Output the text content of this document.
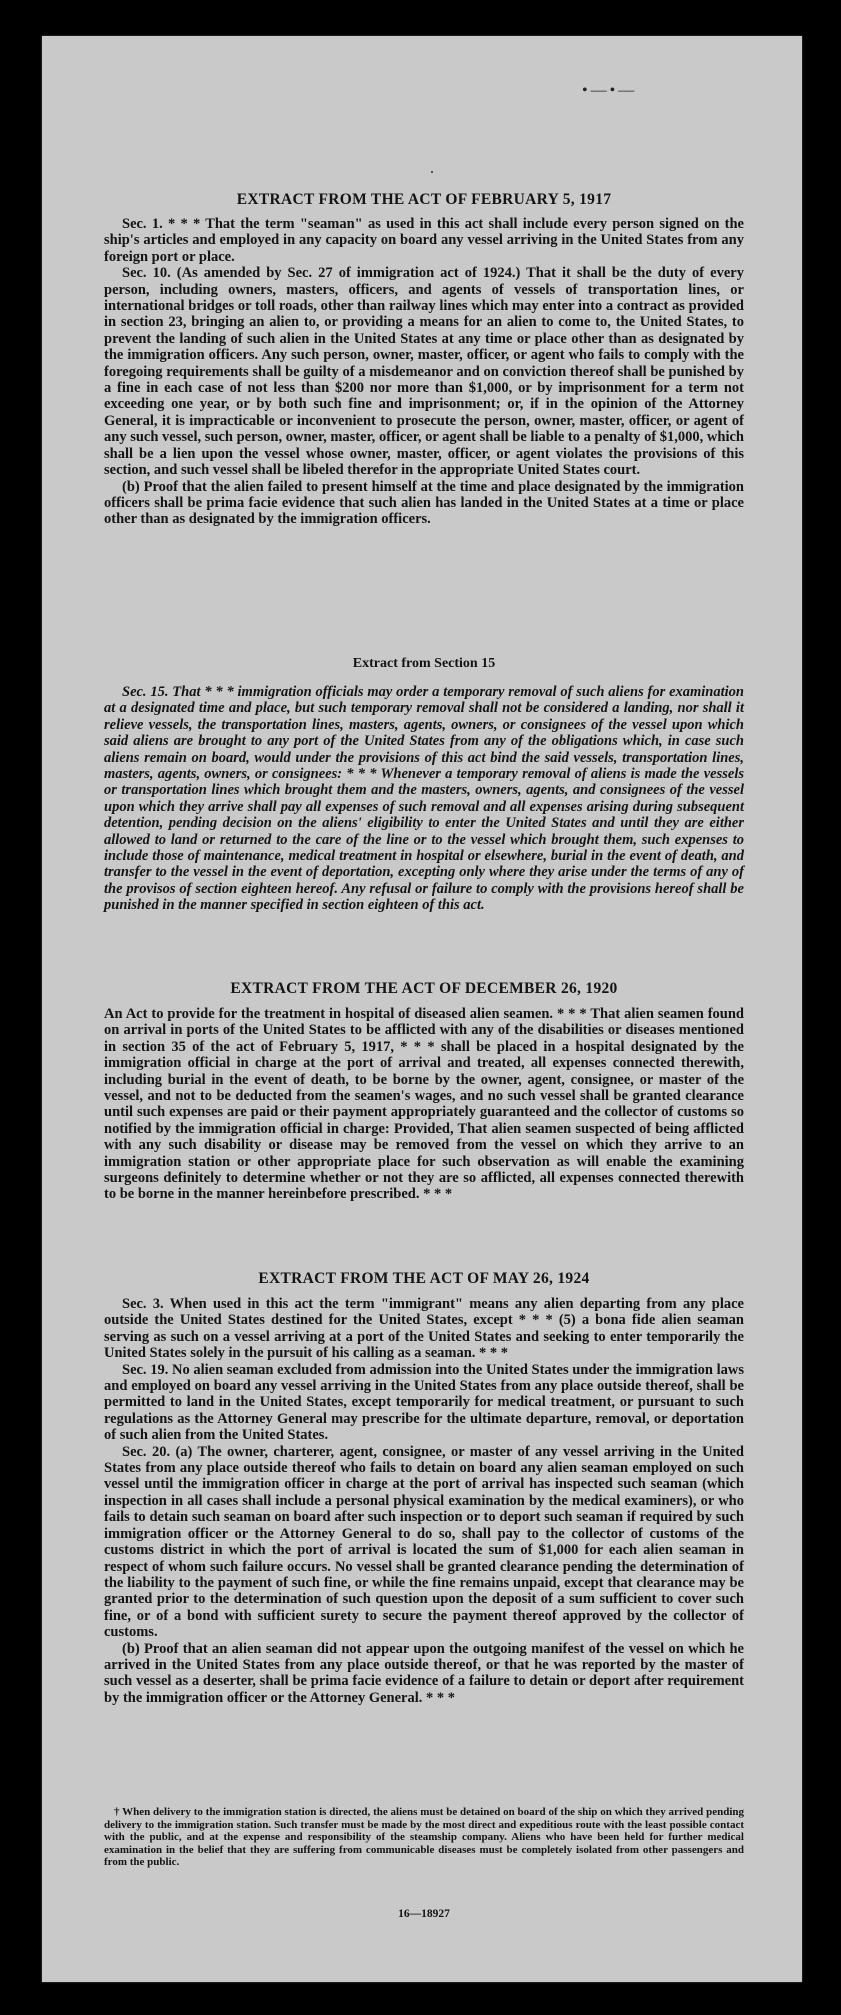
•—•—
.
EXTRACT FROM THE ACT OF FEBRUARY 5, 1917

Sec. 1. * * * That the term "seaman" as used in this act shall include every person signed on the ship's articles and employed in any capacity on board any vessel arriving in the United States from any foreign port or place.

Sec. 10. (As amended by Sec. 27 of immigration act of 1924.) That it shall be the duty of every person, including owners, masters, officers, and agents of vessels of transportation lines, or international bridges or toll roads, other than railway lines which may enter into a contract as provided in section 23, bringing an alien to, or providing a means for an alien to come to, the United States, to prevent the landing of such alien in the United States at any time or place other than as designated by the immigration officers. Any such person, owner, master, officer, or agent who fails to comply with the foregoing requirements shall be guilty of a misdemeanor and on conviction thereof shall be punished by a fine in each case of not less than $200 nor more than $1,000, or by imprisonment for a term not exceeding one year, or by both such fine and imprisonment; or, if in the opinion of the Attorney General, it is impracticable or inconvenient to prosecute the person, owner, master, officer, or agent of any such vessel, such person, owner, master, officer, or agent shall be liable to a penalty of $1,000, which shall be a lien upon the vessel whose owner, master, officer, or agent violates the provisions of this section, and such vessel shall be libeled therefor in the appropriate United States court.

(b) Proof that the alien failed to present himself at the time and place designated by the immigration officers shall be prima facie evidence that such alien has landed in the United States at a time or place other than as designated by the immigration officers.

Extract from Section 15

Sec. 15. That * * * immigration officials may order a temporary removal of such aliens for examination at a designated time and place, but such temporary removal shall not be considered a landing, nor shall it relieve vessels, the transportation lines, masters, agents, owners, or consignees of the vessel upon which said aliens are brought to any port of the United States from any of the obligations which, in case such aliens remain on board, would under the provisions of this act bind the said vessels, transportation lines, masters, agents, owners, or consignees: * * * Whenever a temporary removal of aliens is made the vessels or transportation lines which brought them and the masters, owners, agents, and consignees of the vessel upon which they arrive shall pay all expenses of such removal and all expenses arising during subsequent detention, pending decision on the aliens' eligibility to enter the United States and until they are either allowed to land or returned to the care of the line or to the vessel which brought them, such expenses to include those of maintenance, medical treatment in hospital or elsewhere, burial in the event of death, and transfer to the vessel in the event of deportation, excepting only where they arise under the terms of any of the provisos of section eighteen hereof. Any refusal or failure to comply with the provisions hereof shall be punished in the manner specified in section eighteen of this act.

EXTRACT FROM THE ACT OF DECEMBER 26, 1920

An Act to provide for the treatment in hospital of diseased alien seamen. * * * That alien seamen found on arrival in ports of the United States to be afflicted with any of the disabilities or diseases mentioned in section 35 of the act of February 5, 1917, * * * shall be placed in a hospital designated by the immigration official in charge at the port of arrival and treated, all expenses connected therewith, including burial in the event of death, to be borne by the owner, agent, consignee, or master of the vessel, and not to be deducted from the seamen's wages, and no such vessel shall be granted clearance until such expenses are paid or their payment appropriately guaranteed and the collector of customs so notified by the immigration official in charge: Provided, That alien seamen suspected of being afflicted with any such disability or disease may be removed from the vessel on which they arrive to an immigration station or other appropriate place for such observation as will enable the examining surgeons definitely to determine whether or not they are so afflicted, all expenses connected therewith to be borne in the manner hereinbefore prescribed. * * *

EXTRACT FROM THE ACT OF MAY 26, 1924

Sec. 3. When used in this act the term "immigrant" means any alien departing from any place outside the United States destined for the United States, except * * * (5) a bona fide alien seaman serving as such on a vessel arriving at a port of the United States and seeking to enter temporarily the United States solely in the pursuit of his calling as a seaman. * * *

Sec. 19. No alien seaman excluded from admission into the United States under the immigration laws and employed on board any vessel arriving in the United States from any place outside thereof, shall be permitted to land in the United States, except temporarily for medical treatment, or pursuant to such regulations as the Attorney General may prescribe for the ultimate departure, removal, or deportation of such alien from the United States.

Sec. 20. (a) The owner, charterer, agent, consignee, or master of any vessel arriving in the United States from any place outside thereof who fails to detain on board any alien seaman employed on such vessel until the immigration officer in charge at the port of arrival has inspected such seaman (which inspection in all cases shall include a personal physical examination by the medical examiners), or who fails to detain such seaman on board after such inspection or to deport such seaman if required by such immigration officer or the Attorney General to do so, shall pay to the collector of customs of the customs district in which the port of arrival is located the sum of $1,000 for each alien seaman in respect of whom such failure occurs. No vessel shall be granted clearance pending the determination of the liability to the payment of such fine, or while the fine remains unpaid, except that clearance may be granted prior to the determination of such question upon the deposit of a sum sufficient to cover such fine, or of a bond with sufficient surety to secure the payment thereof approved by the collector of customs.

(b) Proof that an alien seaman did not appear upon the outgoing manifest of the vessel on which he arrived in the United States from any place outside thereof, or that he was reported by the master of such vessel as a deserter, shall be prima facie evidence of a failure to detain or deport after requirement by the immigration officer or the Attorney General. * * *

† When delivery to the immigration station is directed, the aliens must be detained on board of the ship on which they arrived pending delivery to the immigration station. Such transfer must be made by the most direct and expeditious route with the least possible contact with the public, and at the expense and responsibility of the steamship company. Aliens who have been held for further medical examination in the belief that they are suffering from communicable diseases must be completely isolated from other passengers and from the public.

16—18927
